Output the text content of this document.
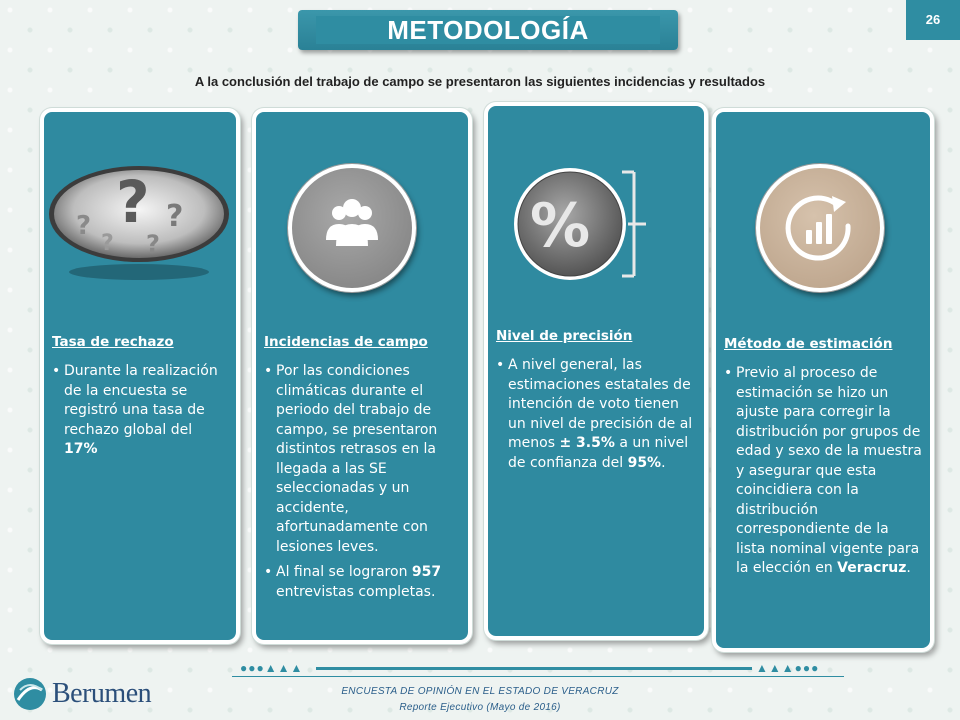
METODOLOGÍA	26
A la conclusión del trabajo de campo se presentaron las siguientes incidencias y resultados
?
? ?
? ?
Tasa de rechazo
• Durante la realización de la encuesta se registró una tasa de rechazo global del 17%
Incidencias de campo
• Por las condiciones climáticas durante el periodo del trabajo de campo, se presentaron distintos retrasos en la llegada a las SE seleccionadas y un accidente, afortunadamente con lesiones leves.
• Al final se lograron 957 entrevistas completas.
%
Nivel de precisión
• A nivel general, las estimaciones estatales de intención de voto tienen un nivel de precisión de al menos ± 3.5% a un nivel de confianza del 95%.
Método de estimación
• Previo al proceso de estimación se hizo un ajuste para corregir la distribución por grupos de edad y sexo de la muestra y asegurar que esta coincidiera con la distribución correspondiente de la lista nominal vigente para la elección en Veracruz.
●●●▲▲▲	▲▲▲●●●
Berumen	ENCUESTA DE OPINIÓN EN EL ESTADO DE VERACRUZ
Reporte Ejecutivo (Mayo de 2016)
